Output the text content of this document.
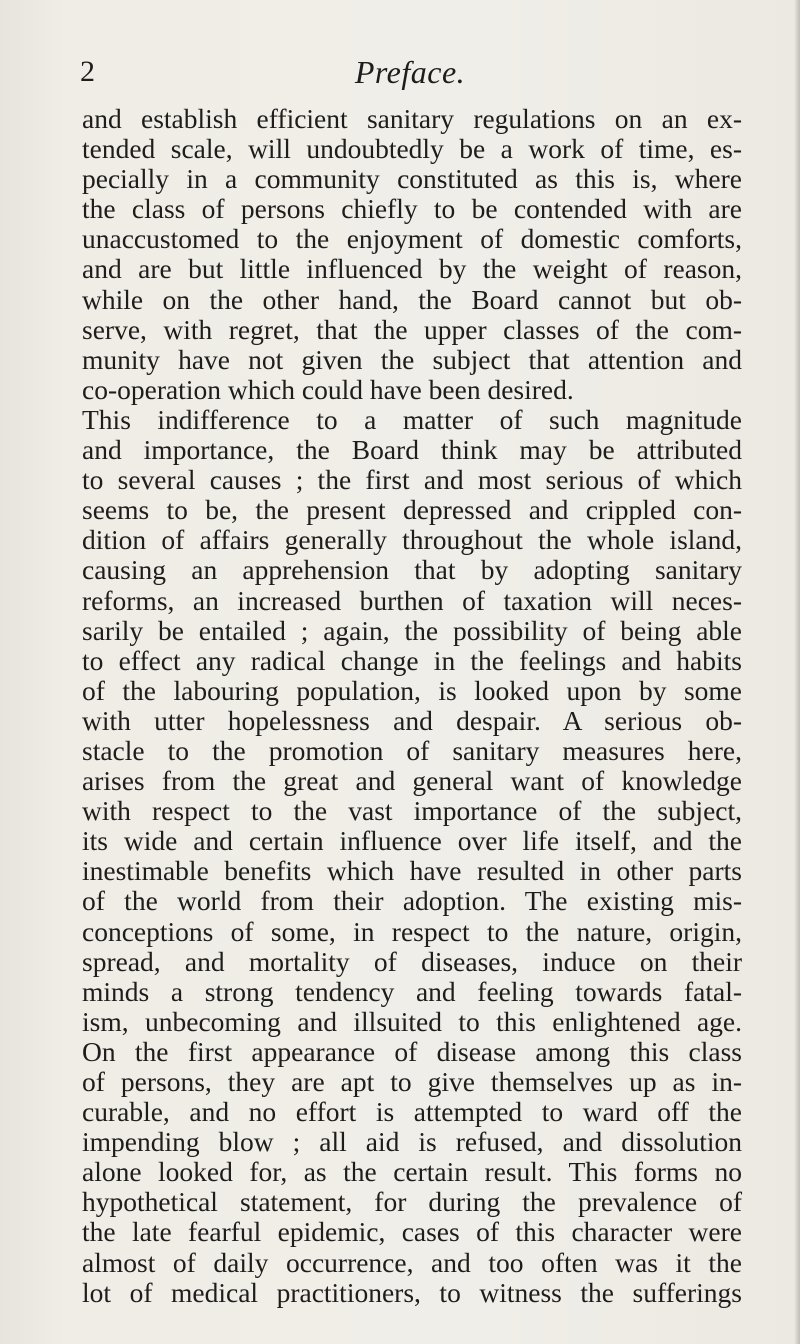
2	Preface.
and establish efficient sanitary regulations on an ex-
tended scale, will undoubtedly be a work of time, es-
pecially in a community constituted as this is, where
the class of persons chiefly to be contended with are
unaccustomed to the enjoyment of domestic comforts,
and are but little influenced by the weight of reason,
while on the other hand, the Board cannot but ob-
serve, with regret, that the upper classes of the com-
munity have not given the subject that attention and
co-operation which could have been desired.
This indifference to a matter of such magnitude
and importance, the Board think may be attributed
to several causes ; the first and most serious of which
seems to be, the present depressed and crippled con-
dition of affairs generally throughout the whole island,
causing an apprehension that by adopting sanitary
reforms, an increased burthen of taxation will neces-
sarily be entailed ; again, the possibility of being able
to effect any radical change in the feelings and habits
of the labouring population, is looked upon by some
with utter hopelessness and despair. A serious ob-
stacle to the promotion of sanitary measures here,
arises from the great and general want of knowledge
with respect to the vast importance of the subject,
its wide and certain influence over life itself, and the
inestimable benefits which have resulted in other parts
of the world from their adoption. The existing mis-
conceptions of some, in respect to the nature, origin,
spread, and mortality of diseases, induce on their
minds a strong tendency and feeling towards fatal-
ism, unbecoming and illsuited to this enlightened age.
On the first appearance of disease among this class
of persons, they are apt to give themselves up as in-
curable, and no effort is attempted to ward off the
impending blow ; all aid is refused, and dissolution
alone looked for, as the certain result. This forms no
hypothetical statement, for during the prevalence of
the late fearful epidemic, cases of this character were
almost of daily occurrence, and too often was it the
lot of medical practitioners, to witness the sufferings
